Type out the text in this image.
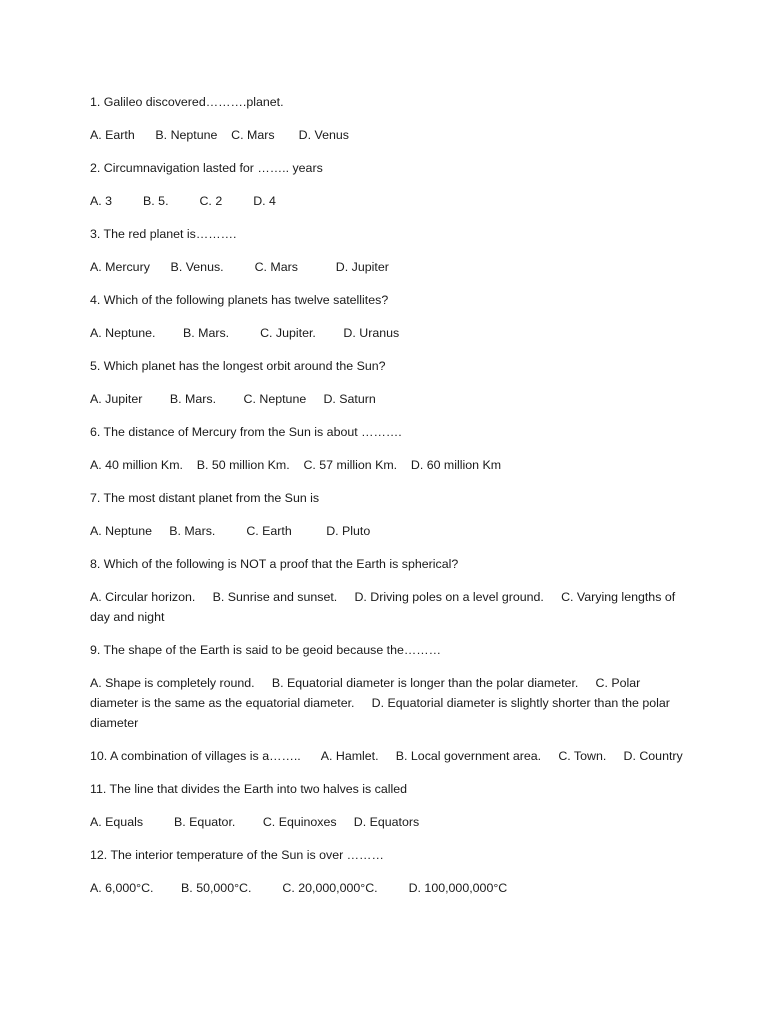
1. Galileo discovered……….planet.

A. Earth      B. Neptune    C. Mars       D. Venus

2. Circumnavigation lasted for …….. years

A. 3         B. 5.         C. 2         D. 4

3. The red planet is……….

A. Mercury      B. Venus.         C. Mars           D. Jupiter

4. Which of the following planets has twelve satellites?

A. Neptune.        B. Mars.         C. Jupiter.        D. Uranus

5. Which planet has the longest orbit around the Sun?

A. Jupiter        B. Mars.        C. Neptune     D. Saturn

6. The distance of Mercury from the Sun is about ……….

A. 40 million Km.    B. 50 million Km.    C. 57 million Km.    D. 60 million Km

7. The most distant planet from the Sun is

A. Neptune     B. Mars.         C. Earth          D. Pluto

8. Which of the following is NOT a proof that the Earth is spherical?

A. Circular horizon.     B. Sunrise and sunset.     D. Driving poles on a level ground.     C. Varying lengths of day and night

9. The shape of the Earth is said to be geoid because the………

A. Shape is completely round.     B. Equatorial diameter is longer than the polar diameter.     C. Polar diameter is the same as the equatorial diameter.     D. Equatorial diameter is slightly shorter than the polar diameter

10. A combination of villages is a……..      A. Hamlet.     B. Local government area.     C. Town.     D. Country

11. The line that divides the Earth into two halves is called

A. Equals         B. Equator.        C. Equinoxes     D. Equators

12. The interior temperature of the Sun is over ………

A. 6,000°C.        B. 50,000°C.         C. 20,000,000°C.         D. 100,000,000°C
